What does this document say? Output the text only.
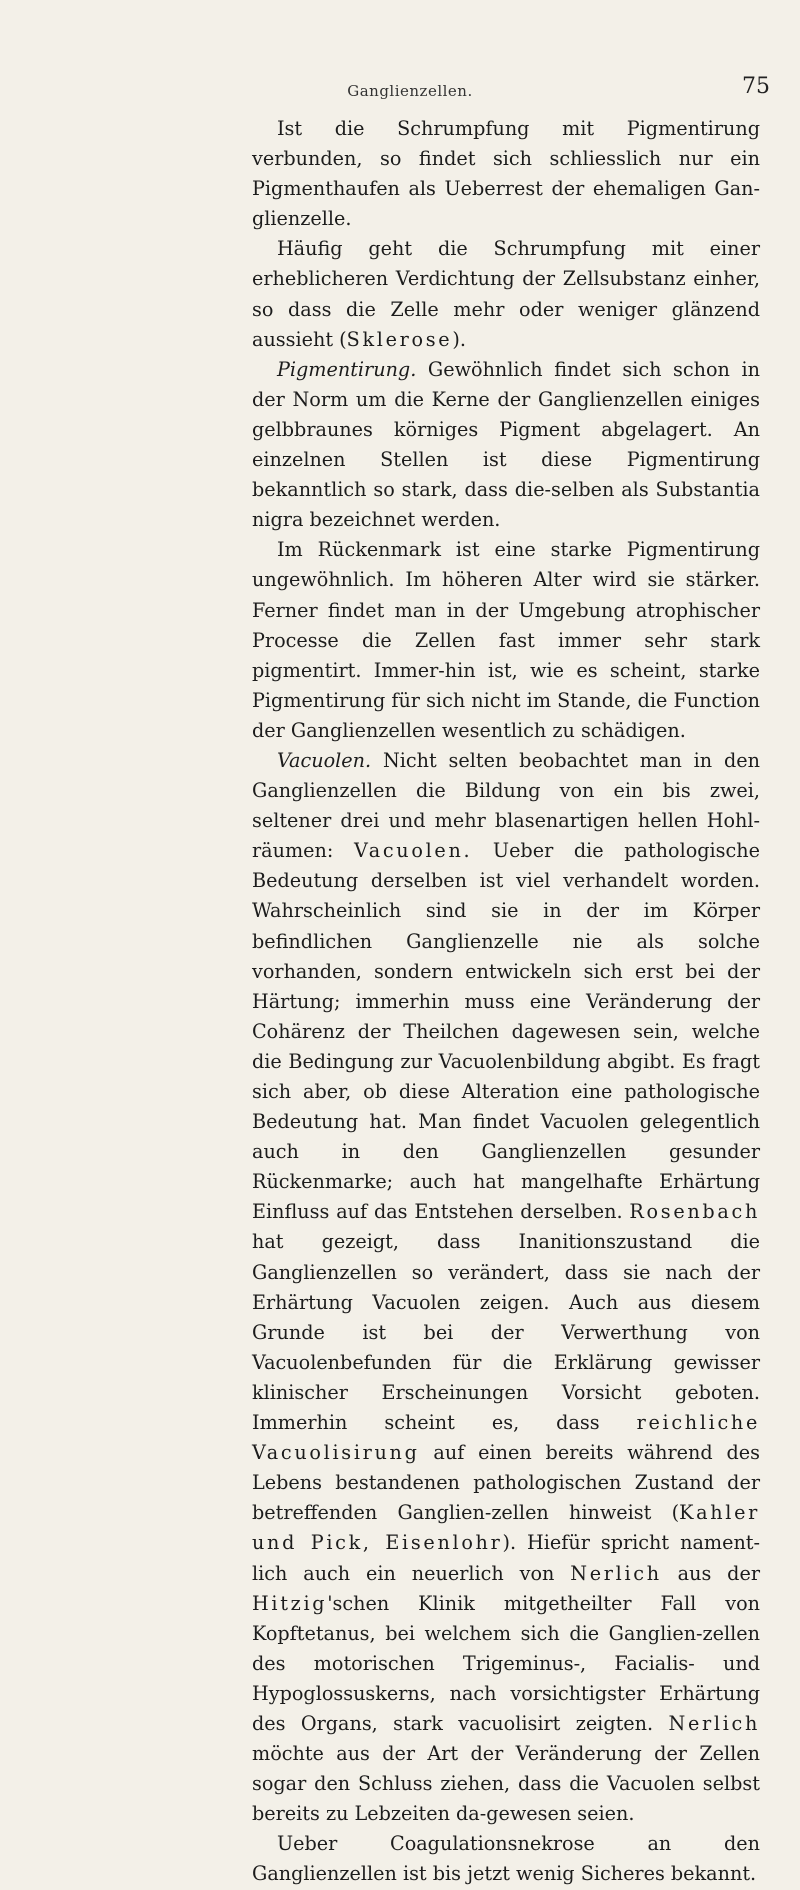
Ganglienzellen.	75

Ist die Schrumpfung mit Pigmentirung verbunden, so findet sich schliesslich nur ein Pigmenthaufen als Ueberrest der ehemaligen Gan-glienzelle.

Häufig geht die Schrumpfung mit einer erheblicheren Verdichtung der Zellsubstanz einher, so dass die Zelle mehr oder weniger glänzend aussieht (Sklerose).

Pigmentirung. Gewöhnlich findet sich schon in der Norm um die Kerne der Ganglienzellen einiges gelbbraunes körniges Pigment abgelagert. An einzelnen Stellen ist diese Pigmentirung bekanntlich so stark, dass die-selben als Substantia nigra bezeichnet werden.

Im Rückenmark ist eine starke Pigmentirung ungewöhnlich. Im höheren Alter wird sie stärker. Ferner findet man in der Umgebung atrophischer Processe die Zellen fast immer sehr stark pigmentirt. Immer-hin ist, wie es scheint, starke Pigmentirung für sich nicht im Stande, die Function der Ganglienzellen wesentlich zu schädigen.

Vacuolen. Nicht selten beobachtet man in den Ganglienzellen die Bildung von ein bis zwei, seltener drei und mehr blasenartigen hellen Hohl-räumen: Vacuolen. Ueber die pathologische Bedeutung derselben ist viel verhandelt worden. Wahrscheinlich sind sie in der im Körper befindlichen Ganglienzelle nie als solche vorhanden, sondern entwickeln sich erst bei der Härtung; immerhin muss eine Veränderung der Cohärenz der Theilchen dagewesen sein, welche die Bedingung zur Vacuolenbildung abgibt. Es fragt sich aber, ob diese Alteration eine pathologische Bedeutung hat. Man findet Vacuolen gelegentlich auch in den Ganglienzellen gesunder Rückenmarke; auch hat mangelhafte Erhärtung Einfluss auf das Entstehen derselben. Rosenbach hat gezeigt, dass Inanitionszustand die Ganglienzellen so verändert, dass sie nach der Erhärtung Vacuolen zeigen. Auch aus diesem Grunde ist bei der Verwerthung von Vacuolenbefunden für die Erklärung gewisser klinischer Erscheinungen Vorsicht geboten. Immerhin scheint es, dass reichliche Vacuolisirung auf einen bereits während des Lebens bestandenen pathologischen Zustand der betreffenden Ganglien-zellen hinweist (Kahler und Pick, Eisenlohr). Hiefür spricht nament-lich auch ein neuerlich von Nerlich aus der Hitzig'schen Klinik mitgetheilter Fall von Kopftetanus, bei welchem sich die Ganglien-zellen des motorischen Trigeminus-, Facialis- und Hypoglossuskerns, nach vorsichtigster Erhärtung des Organs, stark vacuolisirt zeigten. Nerlich möchte aus der Art der Veränderung der Zellen sogar den Schluss ziehen, dass die Vacuolen selbst bereits zu Lebzeiten da-gewesen seien.

Ueber Coagulationsnekrose an den Ganglienzellen ist bis jetzt wenig Sicheres bekannt.
